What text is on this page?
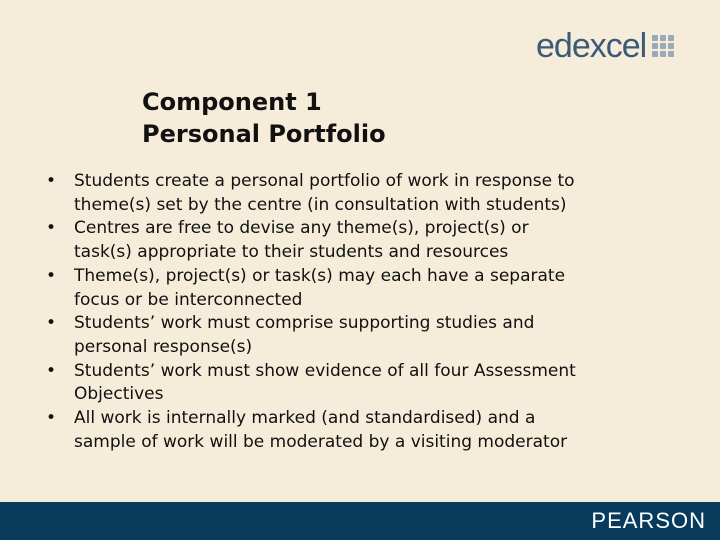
edexcel
Component 1
Personal Portfolio
• Students create a personal portfolio of work in response to
theme(s) set by the centre (in consultation with students)
• Centres are free to devise any theme(s), project(s) or
task(s) appropriate to their students and resources
• Theme(s), project(s) or task(s) may each have a separate
focus or be interconnected
• Students’ work must comprise supporting studies and
personal response(s)
• Students’ work must show evidence of all four Assessment
Objectives
• All work is internally marked (and standardised) and a
sample of work will be moderated by a visiting moderator
PEARSON
